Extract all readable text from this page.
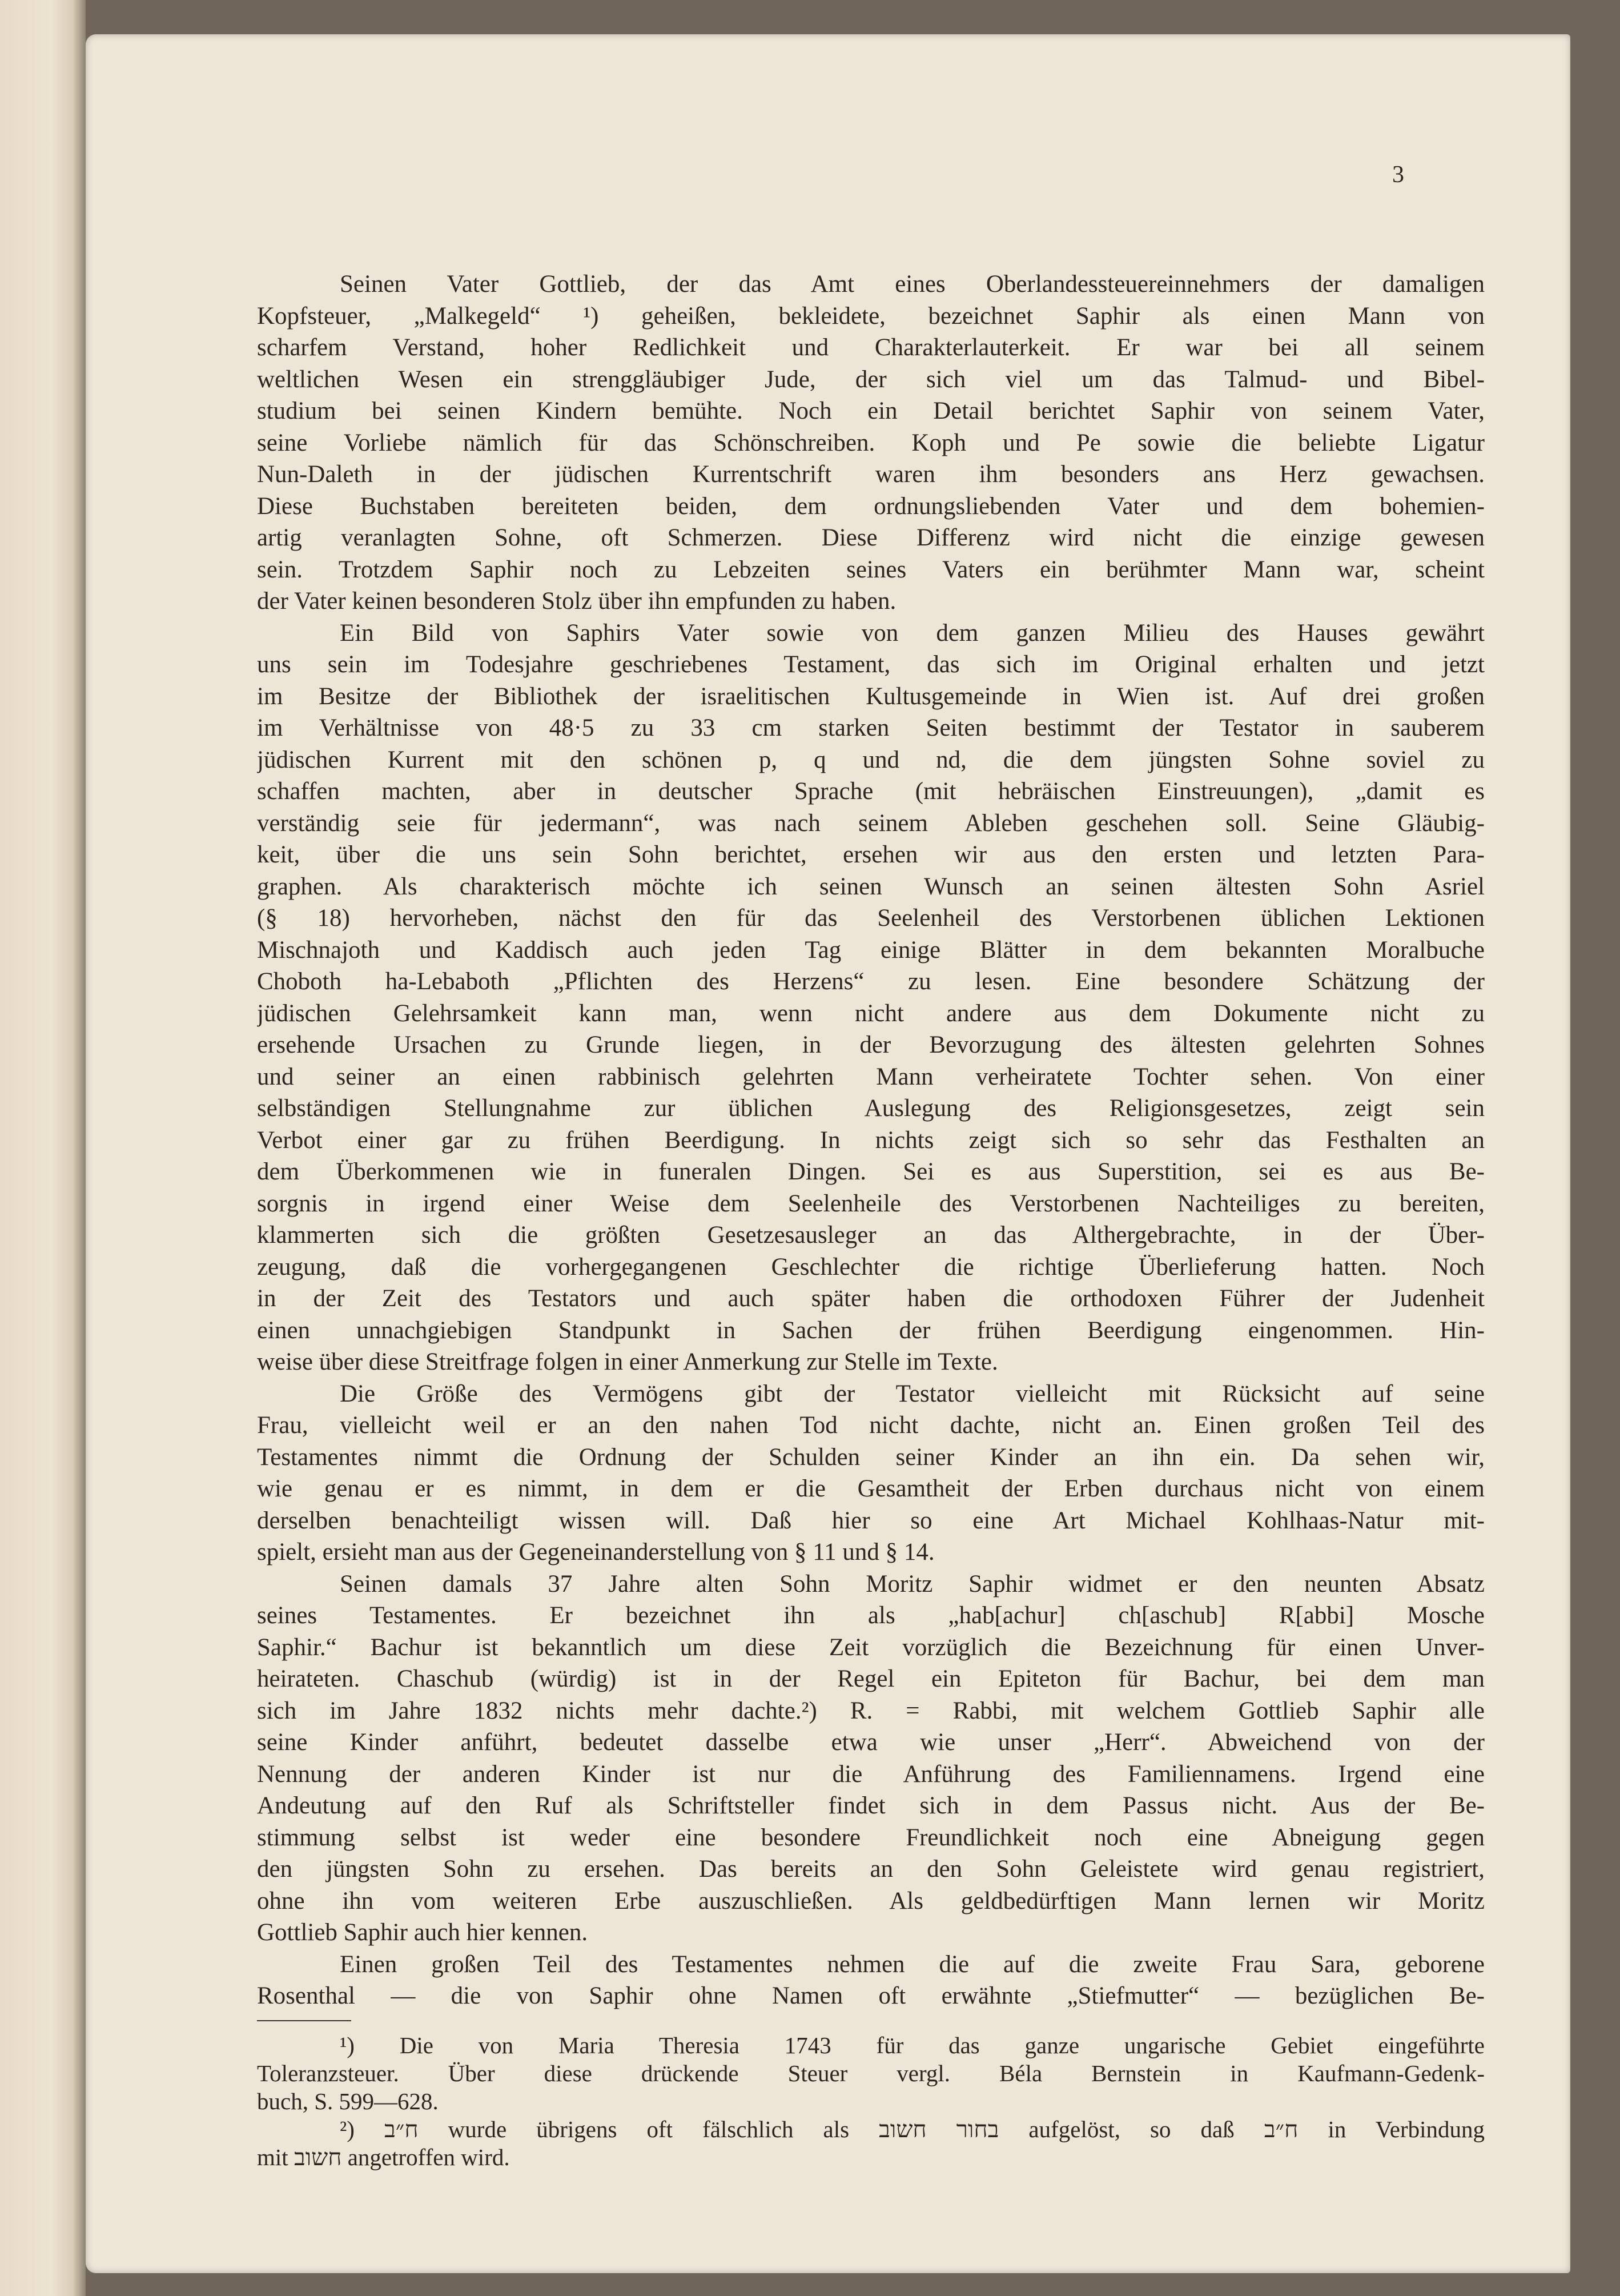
3
Seinen Vater Gottlieb, der das Amt eines Oberlandessteuereinnehmers der damaligen
Kopfsteuer, „Malkegeld“ ¹) geheißen, bekleidete, bezeichnet Saphir als einen Mann von
scharfem Verstand, hoher Redlichkeit und Charakterlauterkeit. Er war bei all seinem
weltlichen Wesen ein strenggläubiger Jude, der sich viel um das Talmud- und Bibel-
studium bei seinen Kindern bemühte. Noch ein Detail berichtet Saphir von seinem Vater,
seine Vorliebe nämlich für das Schönschreiben. Koph und Pe sowie die beliebte Ligatur
Nun-Daleth in der jüdischen Kurrentschrift waren ihm besonders ans Herz gewachsen.
Diese Buchstaben bereiteten beiden, dem ordnungsliebenden Vater und dem bohemien-
artig veranlagten Sohne, oft Schmerzen. Diese Differenz wird nicht die einzige gewesen
sein. Trotzdem Saphir noch zu Lebzeiten seines Vaters ein berühmter Mann war, scheint
der Vater keinen besonderen Stolz über ihn empfunden zu haben.
Ein Bild von Saphirs Vater sowie von dem ganzen Milieu des Hauses gewährt
uns sein im Todesjahre geschriebenes Testament, das sich im Original erhalten und jetzt
im Besitze der Bibliothek der israelitischen Kultusgemeinde in Wien ist. Auf drei großen
im Verhältnisse von 48·5 zu 33 cm starken Seiten bestimmt der Testator in sauberem
jüdischen Kurrent mit den schönen p, q und nd, die dem jüngsten Sohne soviel zu
schaffen machten, aber in deutscher Sprache (mit hebräischen Einstreuungen), „damit es
verständig seie für jedermann“, was nach seinem Ableben geschehen soll. Seine Gläubig-
keit, über die uns sein Sohn berichtet, ersehen wir aus den ersten und letzten Para-
graphen. Als charakterisch möchte ich seinen Wunsch an seinen ältesten Sohn Asriel
(§ 18) hervorheben, nächst den für das Seelenheil des Verstorbenen üblichen Lektionen
Mischnajoth und Kaddisch auch jeden Tag einige Blätter in dem bekannten Moralbuche
Choboth ha-Lebaboth „Pflichten des Herzens“ zu lesen. Eine besondere Schätzung der
jüdischen Gelehrsamkeit kann man, wenn nicht andere aus dem Dokumente nicht zu
ersehende Ursachen zu Grunde liegen, in der Bevorzugung des ältesten gelehrten Sohnes
und seiner an einen rabbinisch gelehrten Mann verheiratete Tochter sehen. Von einer
selbständigen Stellungnahme zur üblichen Auslegung des Religionsgesetzes, zeigt sein
Verbot einer gar zu frühen Beerdigung. In nichts zeigt sich so sehr das Festhalten an
dem Überkommenen wie in funeralen Dingen. Sei es aus Superstition, sei es aus Be-
sorgnis in irgend einer Weise dem Seelenheile des Verstorbenen Nachteiliges zu bereiten,
klammerten sich die größten Gesetzesausleger an das Althergebrachte, in der Über-
zeugung, daß die vorhergegangenen Geschlechter die richtige Überlieferung hatten. Noch
in der Zeit des Testators und auch später haben die orthodoxen Führer der Judenheit
einen unnachgiebigen Standpunkt in Sachen der frühen Beerdigung eingenommen. Hin-
weise über diese Streitfrage folgen in einer Anmerkung zur Stelle im Texte.
Die Größe des Vermögens gibt der Testator vielleicht mit Rücksicht auf seine
Frau, vielleicht weil er an den nahen Tod nicht dachte, nicht an. Einen großen Teil des
Testamentes nimmt die Ordnung der Schulden seiner Kinder an ihn ein. Da sehen wir,
wie genau er es nimmt, in dem er die Gesamtheit der Erben durchaus nicht von einem
derselben benachteiligt wissen will. Daß hier so eine Art Michael Kohlhaas-Natur mit-
spielt, ersieht man aus der Gegeneinanderstellung von § 11 und § 14.
Seinen damals 37 Jahre alten Sohn Moritz Saphir widmet er den neunten Absatz
seines Testamentes. Er bezeichnet ihn als „hab[achur] ch[aschub] R[abbi] Mosche
Saphir.“ Bachur ist bekanntlich um diese Zeit vorzüglich die Bezeichnung für einen Unver-
heirateten. Chaschub (würdig) ist in der Regel ein Epiteton für Bachur, bei dem man
sich im Jahre 1832 nichts mehr dachte.²) R. = Rabbi, mit welchem Gottlieb Saphir alle
seine Kinder anführt, bedeutet dasselbe etwa wie unser „Herr“. Abweichend von der
Nennung der anderen Kinder ist nur die Anführung des Familiennamens. Irgend eine
Andeutung auf den Ruf als Schriftsteller findet sich in dem Passus nicht. Aus der Be-
stimmung selbst ist weder eine besondere Freundlichkeit noch eine Abneigung gegen
den jüngsten Sohn zu ersehen. Das bereits an den Sohn Geleistete wird genau registriert,
ohne ihn vom weiteren Erbe auszuschließen. Als geldbedürftigen Mann lernen wir Moritz
Gottlieb Saphir auch hier kennen.
Einen großen Teil des Testamentes nehmen die auf die zweite Frau Sara, geborene
Rosenthal — die von Saphir ohne Namen oft erwähnte „Stiefmutter“ — bezüglichen Be-
¹) Die von Maria Theresia 1743 für das ganze ungarische Gebiet eingeführte
Toleranzsteuer. Über diese drückende Steuer vergl. Béla Bernstein in Kaufmann-Gedenk-
buch, S. 599—628.
²) ח״ב wurde übrigens oft fälschlich als בחור חשוב aufgelöst, so daß ח״ב in Verbindung
mit חשוב angetroffen wird.
